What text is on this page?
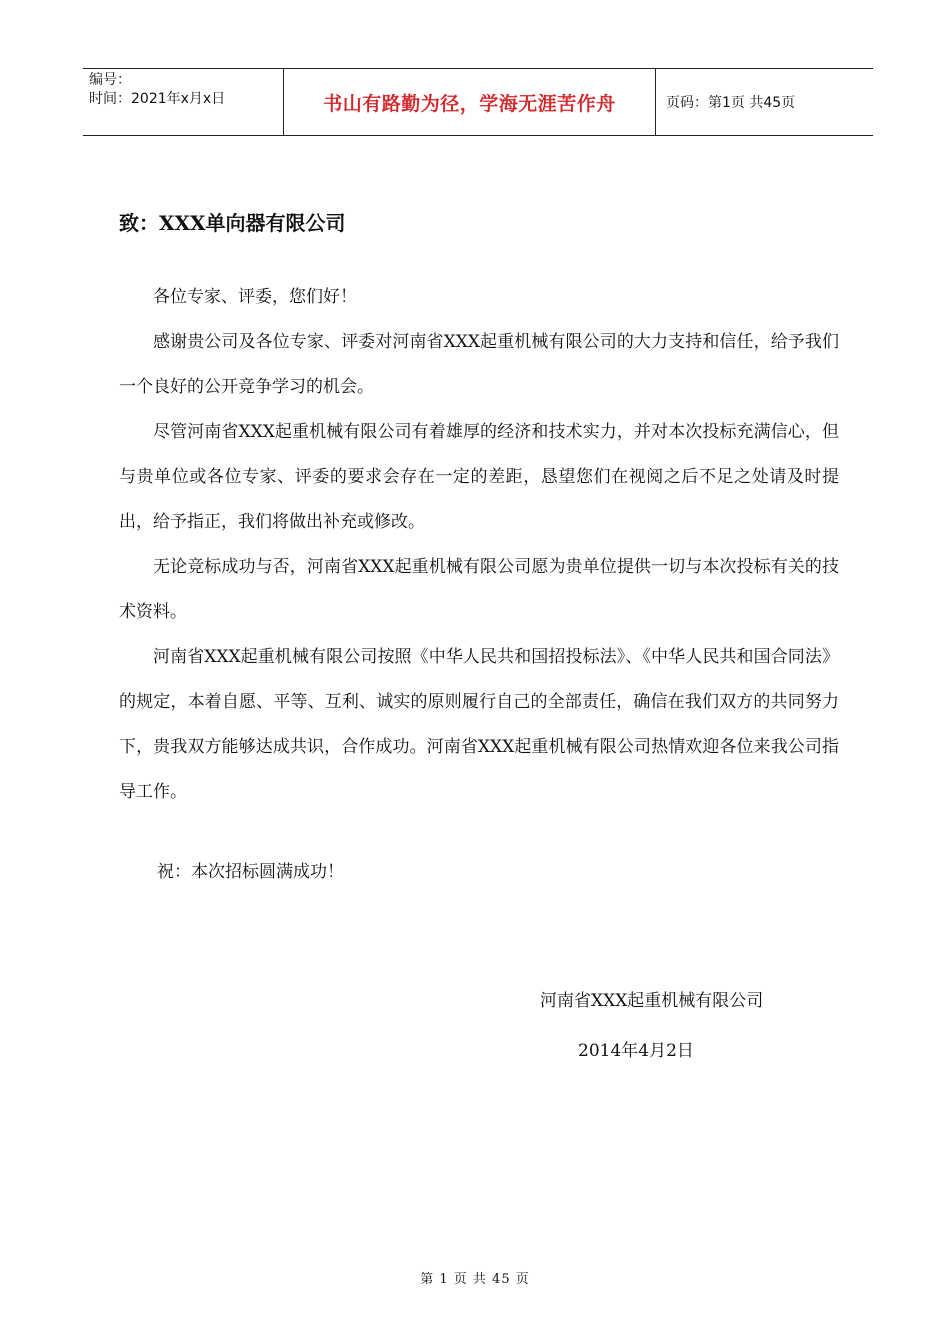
编号：
时间：2021年x月x日	书山有路勤为径，学海无涯苦作舟	页码：第1页 共45页
致：XXX单向器有限公司

各位专家、评委，您们好！

感谢贵公司及各位专家、评委对河南省XXX起重机械有限公司的大力支持和信任，给予我们一个良好的公开竞争学习的机会。

尽管河南省XXX起重机械有限公司有着雄厚的经济和技术实力，并对本次投标充满信心，但与贵单位或各位专家、评委的要求会存在一定的差距，恳望您们在视阅之后不足之处请及时提出，给予指正，我们将做出补充或修改。

无论竞标成功与否，河南省XXX起重机械有限公司愿为贵单位提供一切与本次投标有关的技术资料。

河南省XXX起重机械有限公司按照《中华人民共和国招投标法》、《中华人民共和国合同法》的规定，本着自愿、平等、互利、诚实的原则履行自己的全部责任，确信在我们双方的共同努力下，贵我双方能够达成共识，合作成功。河南省XXX起重机械有限公司热情欢迎各位来我公司指导工作。

祝：本次招标圆满成功！
河南省XXX起重机械有限公司
2014年4月2日
第 1 页 共 45 页
